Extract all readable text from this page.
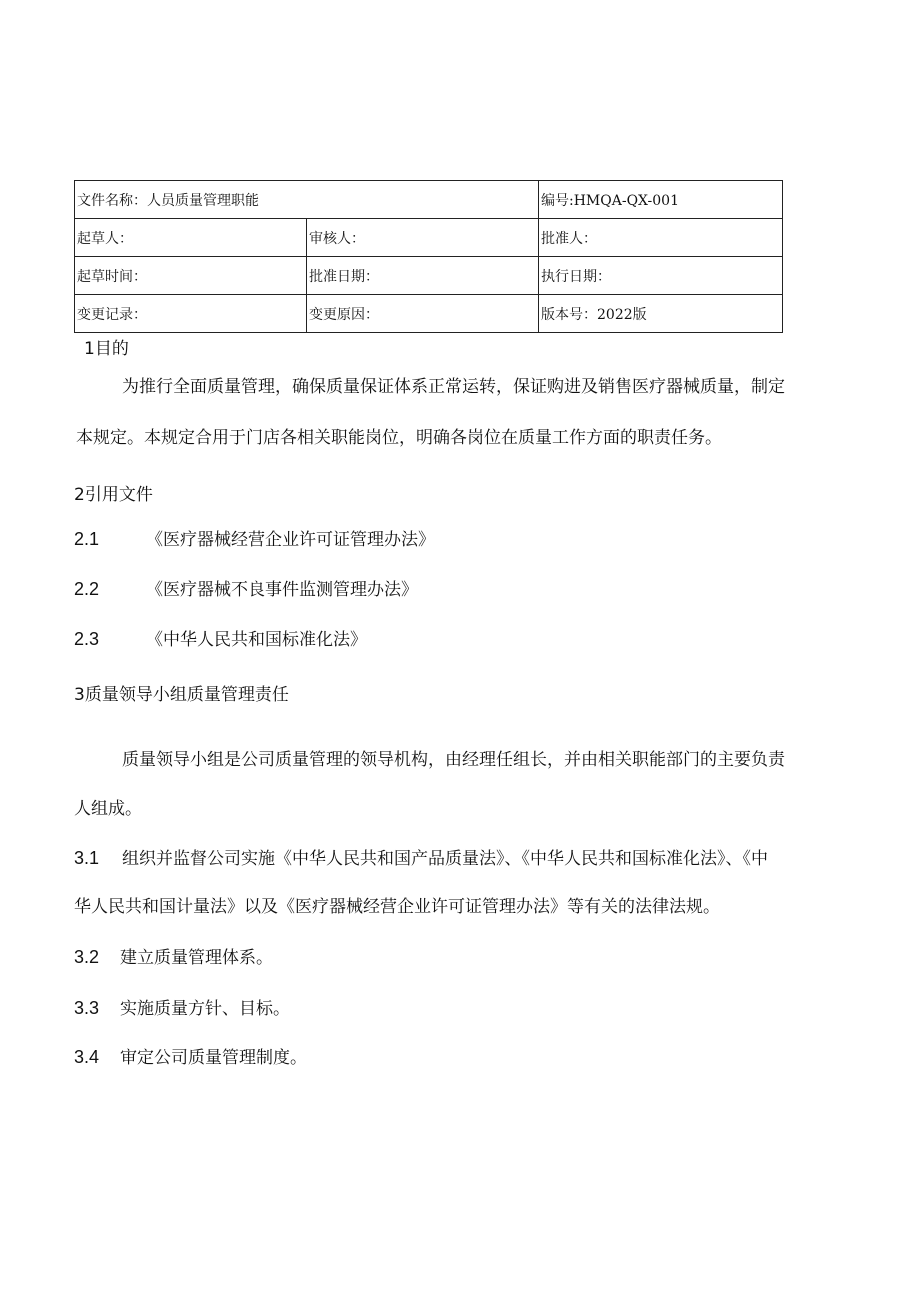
文件名称：人员质量管理职能		编号:HMQA-QX-001
起草人：	审核人：	批准人：
起草时间：	批准日期：	执行日期：
变更记录：	变更原因：	版本号：2022版
1目的
为推行全面质量管理，确保质量保证体系正常运转，保证购进及销售医疗器械质量，制定
本规定。本规定合用于门店各相关职能岗位，明确各岗位在质量工作方面的职责任务。
2引用文件
2.1	《医疗器械经营企业许可证管理办法》
2.2	《医疗器械不良事件监测管理办法》
2.3	《中华人民共和国标准化法》
3质量领导小组质量管理责任
质量领导小组是公司质量管理的领导机构，由经理任组长，并由相关职能部门的主要负责
人组成。
3.1 组织并监督公司实施《中华人民共和国产品质量法》、《中华人民共和国标准化法》、《中
华人民共和国计量法》以及《医疗器械经营企业许可证管理办法》等有关的法律法规。
3.2 建立质量管理体系。
3.3 实施质量方针、目标。
3.4 审定公司质量管理制度。
